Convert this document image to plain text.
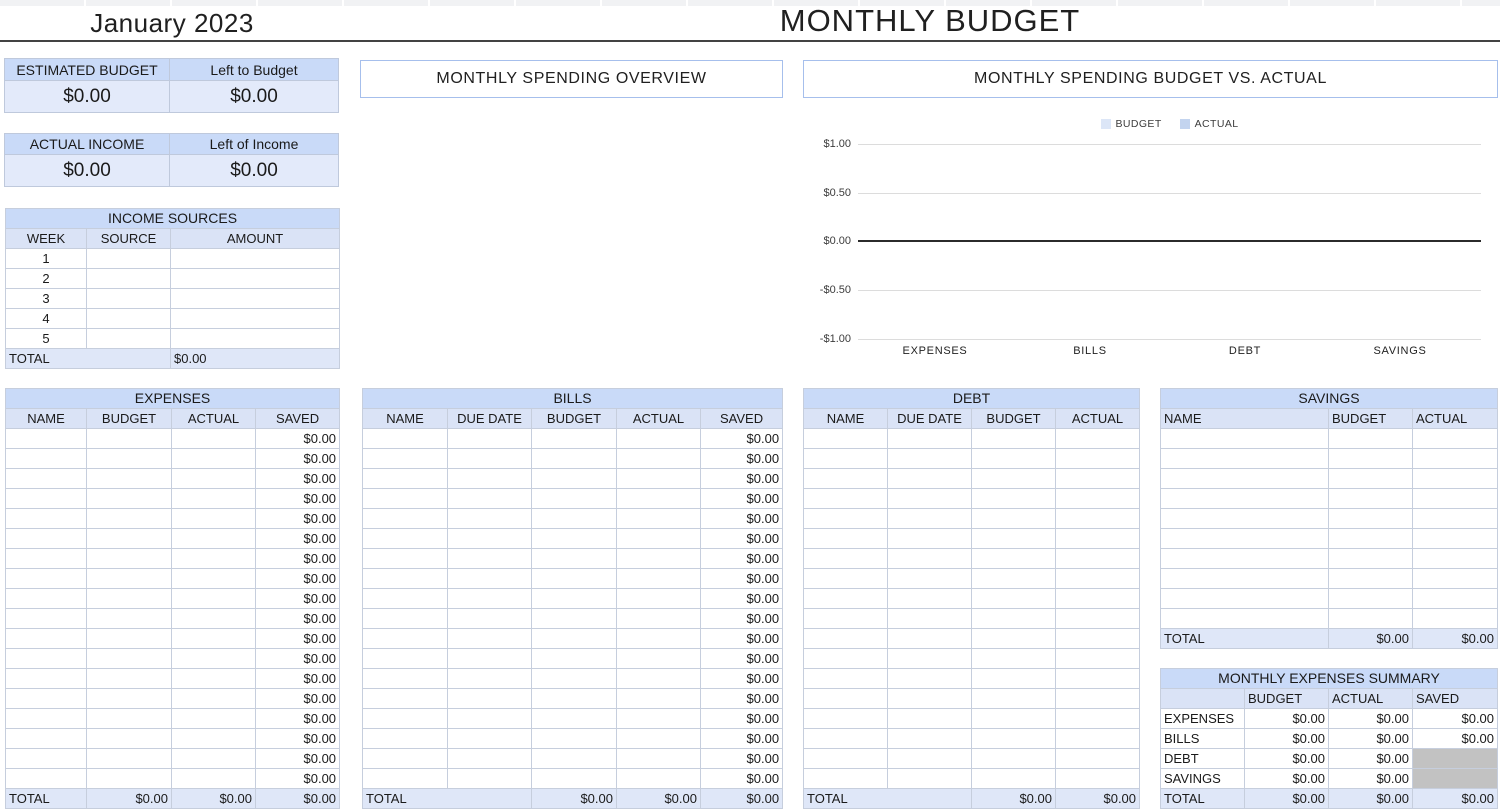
January 2023	MONTHLY BUDGET
ESTIMATED BUDGET	Left to Budget
$0.00	$0.00
ACTUAL INCOME	Left of Income
$0.00	$0.00
MONTHLY SPENDING OVERVIEW	MONTHLY SPENDING BUDGET VS. ACTUAL
BUDGET	ACTUAL
$1.00
$0.50
$0.00
-$0.50
-$1.00
EXPENSES	BILLS	DEBT	SAVINGS
INCOME SOURCES		
WEEK	SOURCE	AMOUNT
1		
2		
3		
4		
5		
TOTAL		$0.00
EXPENSES			
NAME	BUDGET	ACTUAL	SAVED
			$0.00
			$0.00
			$0.00
			$0.00
			$0.00
			$0.00
			$0.00
			$0.00
			$0.00
			$0.00
			$0.00
			$0.00
			$0.00
			$0.00
			$0.00
			$0.00
			$0.00
			$0.00
TOTAL	$0.00	$0.00	$0.00
BILLS				
NAME	DUE DATE	BUDGET	ACTUAL	SAVED
				$0.00
				$0.00
				$0.00
				$0.00
				$0.00
				$0.00
				$0.00
				$0.00
				$0.00
				$0.00
				$0.00
				$0.00
				$0.00
				$0.00
				$0.00
				$0.00
				$0.00
				$0.00
TOTAL		$0.00	$0.00	$0.00
DEBT			
NAME	DUE DATE	BUDGET	ACTUAL

TOTAL		$0.00	$0.00
SAVINGS		
NAME	BUDGET	ACTUAL

TOTAL	$0.00	$0.00
MONTHLY EXPENSES SUMMARY			
	BUDGET	ACTUAL	SAVED
EXPENSES	$0.00	$0.00	$0.00
BILLS	$0.00	$0.00	$0.00
DEBT	$0.00	$0.00	
SAVINGS	$0.00	$0.00	
TOTAL	$0.00	$0.00	$0.00
